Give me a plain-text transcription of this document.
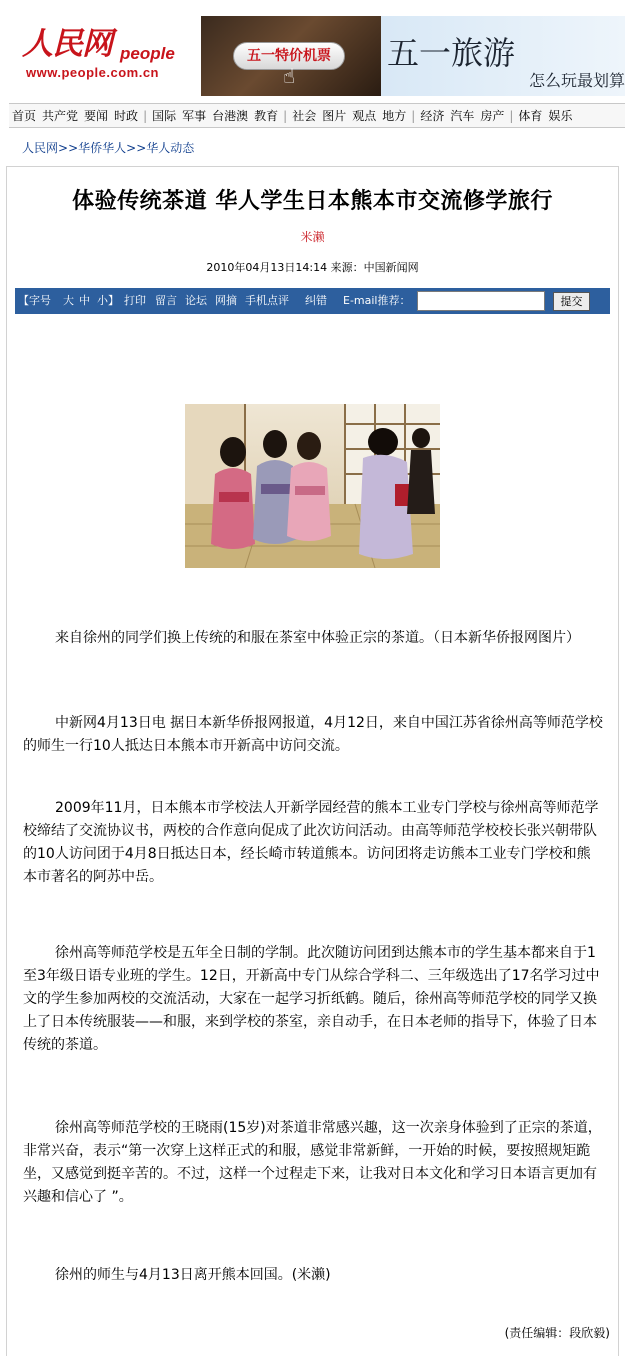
人民网 people
www.people.com.cn
五一特价机票
☝
五一旅游
怎么玩最划算
首页 共产党 要闻 时政 | 国际 军事 台港澳 教育 | 社会 图片 观点 地方 | 经济 汽车 房产 | 体育 娱乐
人民网>>华侨华人>>华人动态
体验传统茶道 华人学生日本熊本市交流修学旅行
米濑
2010年04月13日14:14 来源：中国新闻网
【字号 大 中 小】 打印 留言 论坛 网摘 手机点评 纠错 E-mail推荐：	提交

来自徐州的同学们换上传统的和服在茶室中体验正宗的茶道。（日本新华侨报网图片）

中新网4月13日电 据日本新华侨报网报道，4月12日，来自中国江苏省徐州高等师范学校的师生一行10人抵达日本熊本市开新高中访问交流。

2009年11月，日本熊本市学校法人开新学园经营的熊本工业专门学校与徐州高等师范学校缔结了交流协议书，两校的合作意向促成了此次访问活动。由高等师范学校校长张兴朝带队的10人访问团于4月8日抵达日本，经长崎市转道熊本。访问团将走访熊本工业专门学校和熊本市著名的阿苏中岳。

徐州高等师范学校是五年全日制的学制。此次随访问团到达熊本市的学生基本都来自于1至3年级日语专业班的学生。12日，开新高中专门从综合学科二、三年级选出了17名学习过中文的学生参加两校的交流活动，大家在一起学习折纸鹤。随后，徐州高等师范学校的同学又换上了日本传统服装——和服，来到学校的茶室，亲自动手，在日本老师的指导下，体验了日本传统的茶道。

徐州高等师范学校的王晓雨(15岁)对茶道非常感兴趣，这一次亲身体验到了正宗的茶道，非常兴奋，表示“第一次穿上这样正式的和服，感觉非常新鲜，一开始的时候，要按照规矩跪坐，又感觉到挺辛苦的。不过，这样一个过程走下来，让我对日本文化和学习日本语言更加有兴趣和信心了 ”。

徐州的师生与4月13日离开熊本回国。(米濑)

(责任编辑：段欣毅)
